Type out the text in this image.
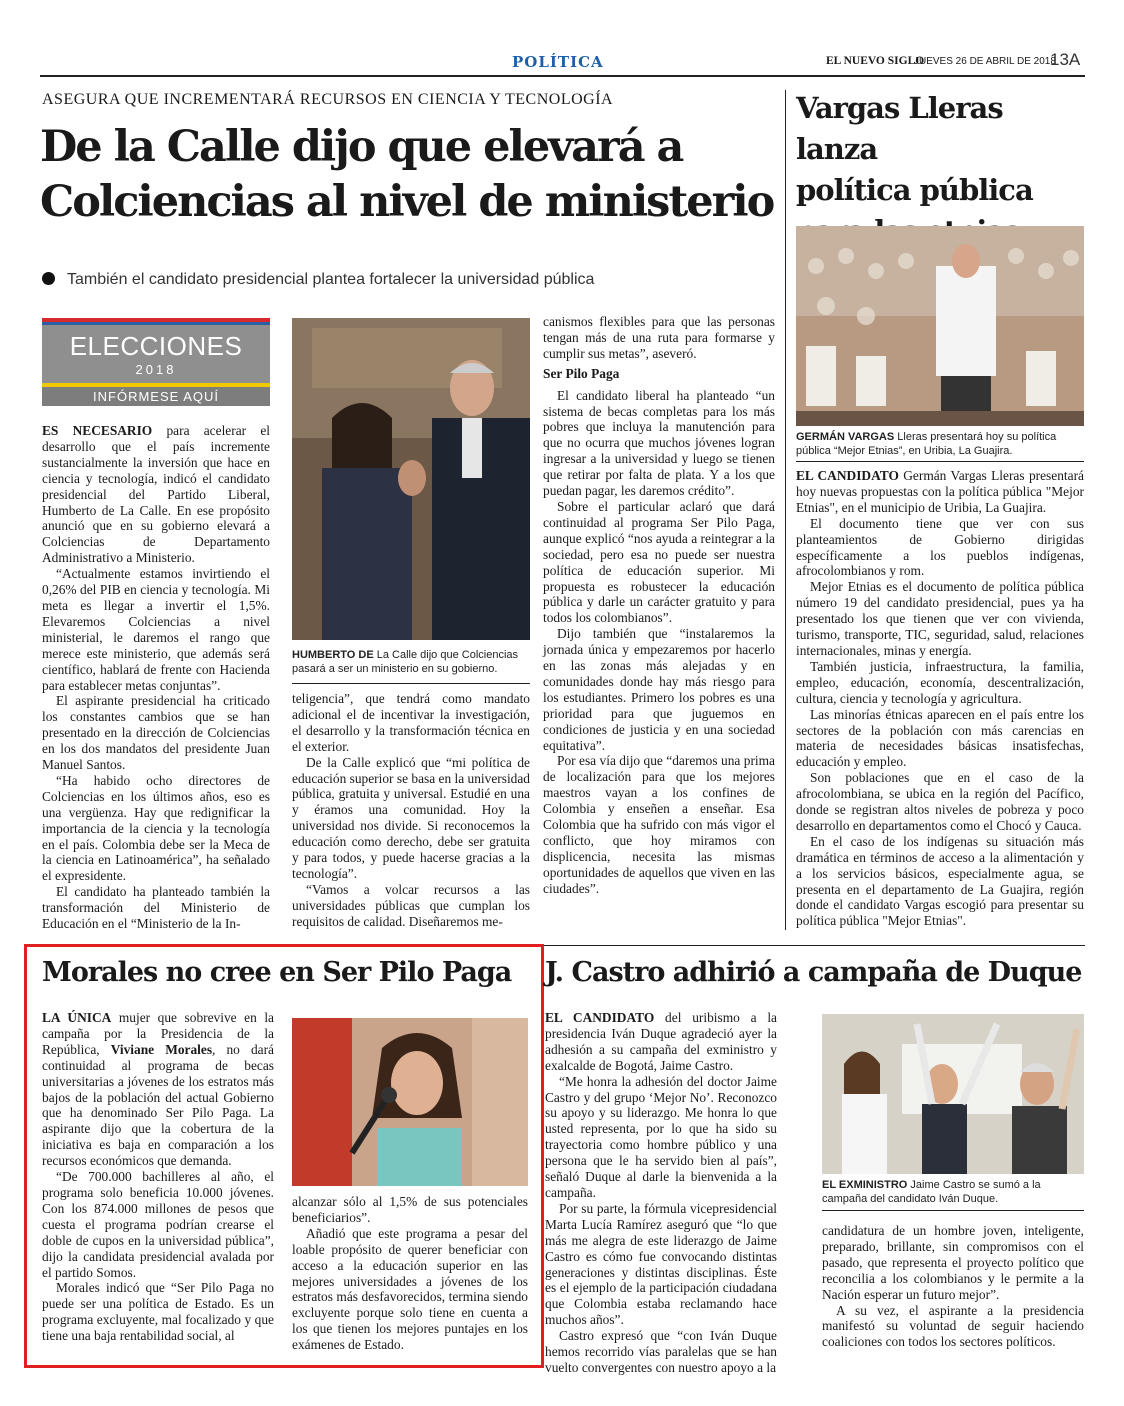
POLÍTICA	EL NUEVO SIGLO
JUEVES 26 DE ABRIL DE 2018
13A
ASEGURA QUE INCREMENTARÁ RECURSOS EN CIENCIA Y TECNOLOGÍA
De la Calle dijo que elevará a
Colciencias al nivel de ministerio
También el candidato presidencial plantea fortalecer la universidad pública
ELECCIONES
2018
INFÓRMESE AQUÍ

ES NECESARIO para acelerar el desarrollo que el país incremente sustancialmente la inversión que hace en ciencia y tecnología, indicó el candidato presidencial del Partido Liberal, Humberto de La Calle. En ese propósito anunció que en su gobierno elevará a Colciencias de Departamento Administrativo a Ministerio.

“Actualmente estamos invirtiendo el 0,26% del PIB en ciencia y tecnología. Mi meta es llegar a invertir el 1,5%. Elevaremos Colciencias a nivel ministerial, le daremos el rango que merece este ministerio, que además será científico, hablará de frente con Hacienda para establecer metas conjuntas”.

El aspirante presidencial ha criticado los constantes cambios que se han presentado en la dirección de Colciencias en los dos mandatos del presidente Juan Manuel Santos.

“Ha habido ocho directores de Colciencias en los últimos años, eso es una vergüenza. Hay que redignificar la importancia de la ciencia y la tecnología en el país. Colombia debe ser la Meca de la ciencia en Latinoamérica”, ha señalado el expresidente.

El candidato ha planteado también la transformación del Ministerio de Educación en el “Ministerio de la In-

HUMBERTO DE La Calle dijo que Colciencias pasará a ser un ministerio en su gobierno.

teligencia”, que tendrá como mandato adicional el de incentivar la investigación, el desarrollo y la transformación técnica en el exterior.

De la Calle explicó que “mi política de educación superior se basa en la universidad pública, gratuita y universal. Estudié en una y éramos una comunidad. Hoy la universidad nos divide. Si reconocemos la educación como derecho, debe ser gratuita y para todos, y puede hacerse gracias a la tecnología”.

“Vamos a volcar recursos a las universidades públicas que cumplan los requisitos de calidad. Diseñaremos me-

canismos flexibles para que las personas tengan más de una ruta para formarse y cumplir sus metas”, aseveró.

Ser Pilo Paga

El candidato liberal ha planteado “un sistema de becas completas para los más pobres que incluya la manutención para que no ocurra que muchos jóvenes logran ingresar a la universidad y luego se tienen que retirar por falta de plata. Y a los que puedan pagar, les daremos crédito”.

Sobre el particular aclaró que dará continuidad al programa Ser Pilo Paga, aunque explicó “nos ayuda a reintegrar a la sociedad, pero esa no puede ser nuestra política de educación superior. Mi propuesta es robustecer la educación pública y darle un carácter gratuito y para todos los colombianos”.

Dijo también que “instalaremos la jornada única y empezaremos por hacerlo en las zonas más alejadas y en comunidades donde hay más riesgo para los estudiantes. Primero los pobres es una prioridad para que juguemos en condiciones de justicia y en una sociedad equitativa”.

Por esa vía dijo que “daremos una prima de localización para que los mejores maestros vayan a los confines de Colombia y enseñen a enseñar. Esa Colombia que ha sufrido con más vigor el conflicto, que hoy miramos con displicencia, necesita las mismas oportunidades de aquellos que viven en las ciudades”.

Vargas Lleras lanza
política pública
GERMÁN VARGAS Lleras presentará hoy su política pública “Mejor Etnias”, en Uribia, La Guajira.

EL CANDIDATO Germán Vargas Lleras presentará hoy nuevas propuestas con la política pública "Mejor Etnias", en el municipio de Uribia, La Guajira.

El documento tiene que ver con sus planteamientos de Gobierno dirigidas específicamente a los pueblos indígenas, afrocolombianos y rom.

Mejor Etnias es el documento de política pública número 19 del candidato presidencial, pues ya ha presentado los que tienen que ver con vivienda, turismo, transporte, TIC, seguridad, salud, relaciones internacionales, minas y energía.

También justicia, infraestructura, la familia, empleo, educación, economía, descentralización, cultura, ciencia y tecnología y agricultura.

Las minorías étnicas aparecen en el país entre los sectores de la población con más carencias en materia de necesidades básicas insatisfechas, educación y empleo.

Son poblaciones que en el caso de la afrocolombiana, se ubica en la región del Pacífico, donde se registran altos niveles de pobreza y poco desarrollo en departamentos como el Chocó y Cauca.

En el caso de los indígenas su situación más dramática en términos de acceso a la alimentación y a los servicios básicos, especialmente agua, se presenta en el departamento de La Guajira, región donde el candidato Vargas escogió para presentar su política pública "Mejor Etnias".

Morales no cree en Ser Pilo Paga

LA ÚNICA mujer que sobrevive en la campaña por la Presidencia de la República, Viviane Morales, no dará continuidad al programa de becas universitarias a jóvenes de los estratos más bajos de la población del actual Gobierno que ha denominado Ser Pilo Paga. La aspirante dijo que la cobertura de la iniciativa es baja en comparación a los recursos económicos que demanda.

“De 700.000 bachilleres al año, el programa solo beneficia 10.000 jóvenes. Con los 874.000 millones de pesos que cuesta el programa podrían crearse el doble de cupos en la universidad pública”, dijo la candidata presidencial avalada por el partido Somos.

Morales indicó que “Ser Pilo Paga no puede ser una política de Estado. Es un programa excluyente, mal focalizado y que tiene una baja rentabilidad social, al

alcanzar sólo al 1,5% de sus potenciales beneficiarios”.

Añadió que este programa a pesar del loable propósito de querer beneficiar con acceso a la educación superior en las mejores universidades a jóvenes de los estratos más desfavorecidos, termina siendo excluyente porque solo tiene en cuenta a los que tienen los mejores puntajes en los exámenes de Estado.

J. Castro adhirió a campaña de Duque

EL CANDIDATO del uribismo a la presidencia Iván Duque agradeció ayer la adhesión a su campaña del exministro y exalcalde de Bogotá, Jaime Castro.

“Me honra la adhesión del doctor Jaime Castro y del grupo ‘Mejor No’. Reconozco su apoyo y su liderazgo. Me honra lo que usted representa, por lo que ha sido su trayectoria como hombre público y una persona que le ha servido bien al país”, señaló Duque al darle la bienvenida a la campaña.

Por su parte, la fórmula vicepresidencial Marta Lucía Ramírez aseguró que “lo que más me alegra de este liderazgo de Jaime Castro es cómo fue convocando distintas generaciones y distintas disciplinas. Éste es el ejemplo de la participación ciudadana que Colombia estaba reclamando hace muchos años”.

Castro expresó que “con Iván Duque hemos recorrido vías paralelas que se han vuelto convergentes con nuestro apoyo a la

EL EXMINISTRO Jaime Castro se sumó a la campaña del candidato Iván Duque.

candidatura de un hombre joven, inteligente, preparado, brillante, sin compromisos con el pasado, que representa el proyecto político que reconcilia a los colombianos y le permite a la Nación esperar un futuro mejor”.

A su vez, el aspirante a la presidencia manifestó su voluntad de seguir haciendo coaliciones con todos los sectores políticos.
